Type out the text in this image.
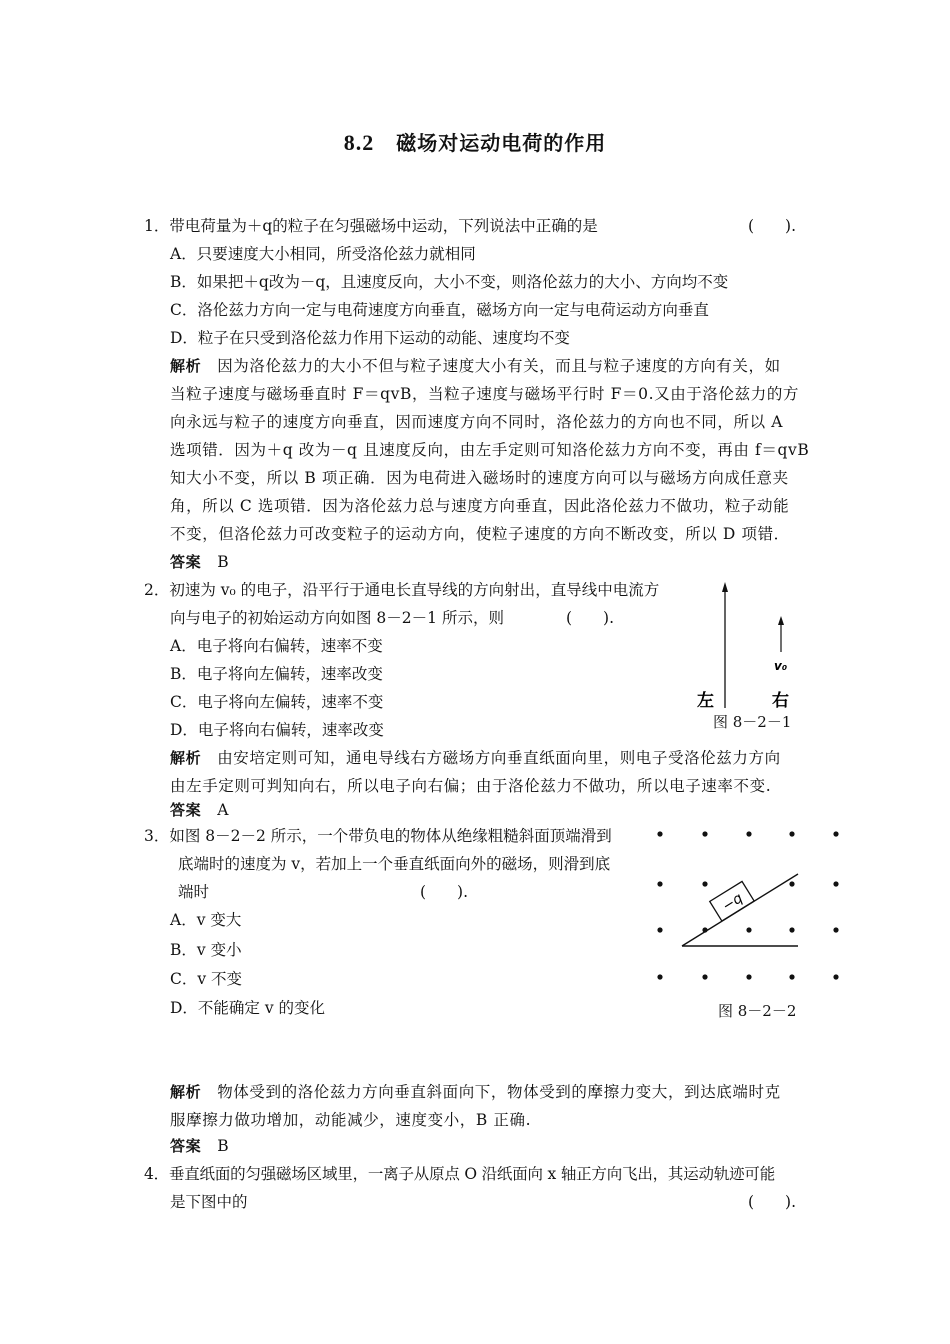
8.2 磁场对运动电荷的作用
1．带电荷量为＋q的粒子在匀强磁场中运动，下列说法中正确的是	(　　).
A．只要速度大小相同，所受洛伦兹力就相同
B．如果把＋q改为－q，且速度反向，大小不变，则洛伦兹力的大小、方向均不变
C．洛伦兹力方向一定与电荷速度方向垂直，磁场方向一定与电荷运动方向垂直
D．粒子在只受到洛伦兹力作用下运动的动能、速度均不变
解析 因为洛伦兹力的大小不但与粒子速度大小有关，而且与粒子速度的方向有关，如
当粒子速度与磁场垂直时 F＝qvB，当粒子速度与磁场平行时 F＝0.又由于洛伦兹力的方
向永远与粒子的速度方向垂直，因而速度方向不同时，洛伦兹力的方向也不同，所以 A
选项错．因为＋q 改为－q 且速度反向，由左手定则可知洛伦兹力方向不变，再由 f＝qvB
知大小不变，所以 B 项正确．因为电荷进入磁场时的速度方向可以与磁场方向成任意夹
角，所以 C 选项错．因为洛伦兹力总与速度方向垂直，因此洛伦兹力不做功，粒子动能
不变，但洛伦兹力可改变粒子的运动方向，使粒子速度的方向不断改变，所以 D 项错．
答案 B
2．初速为 v₀ 的电子，沿平行于通电长直导线的方向射出，直导线中电流方
向与电子的初始运动方向如图 8－2－1 所示，则	(　　).
A．电子将向右偏转，速率不变
B．电子将向左偏转，速率改变
C．电子将向左偏转，速率不变
D．电子将向右偏转，速率改变
v₀
左	右
图 8－2－1
解析 由安培定则可知，通电导线右方磁场方向垂直纸面向里，则电子受洛伦兹力方向
由左手定则可判知向右，所以电子向右偏；由于洛伦兹力不做功，所以电子速率不变.
答案 A
3．如图 8－2－2 所示，一个带负电的物体从绝缘粗糙斜面顶端滑到
底端时的速度为 v，若加上一个垂直纸面向外的磁场，则滑到底
端时	(　　).
A．v 变大
B．v 变小
C．v 不变
D．不能确定 v 的变化
−q
图 8－2－2
解析 物体受到的洛伦兹力方向垂直斜面向下，物体受到的摩擦力变大，到达底端时克
服摩擦力做功增加，动能减少，速度变小，B 正确.
答案 B
4．垂直纸面的匀强磁场区域里，一离子从原点 O 沿纸面向 x 轴正方向飞出，其运动轨迹可能
是下图中的	(　　).
